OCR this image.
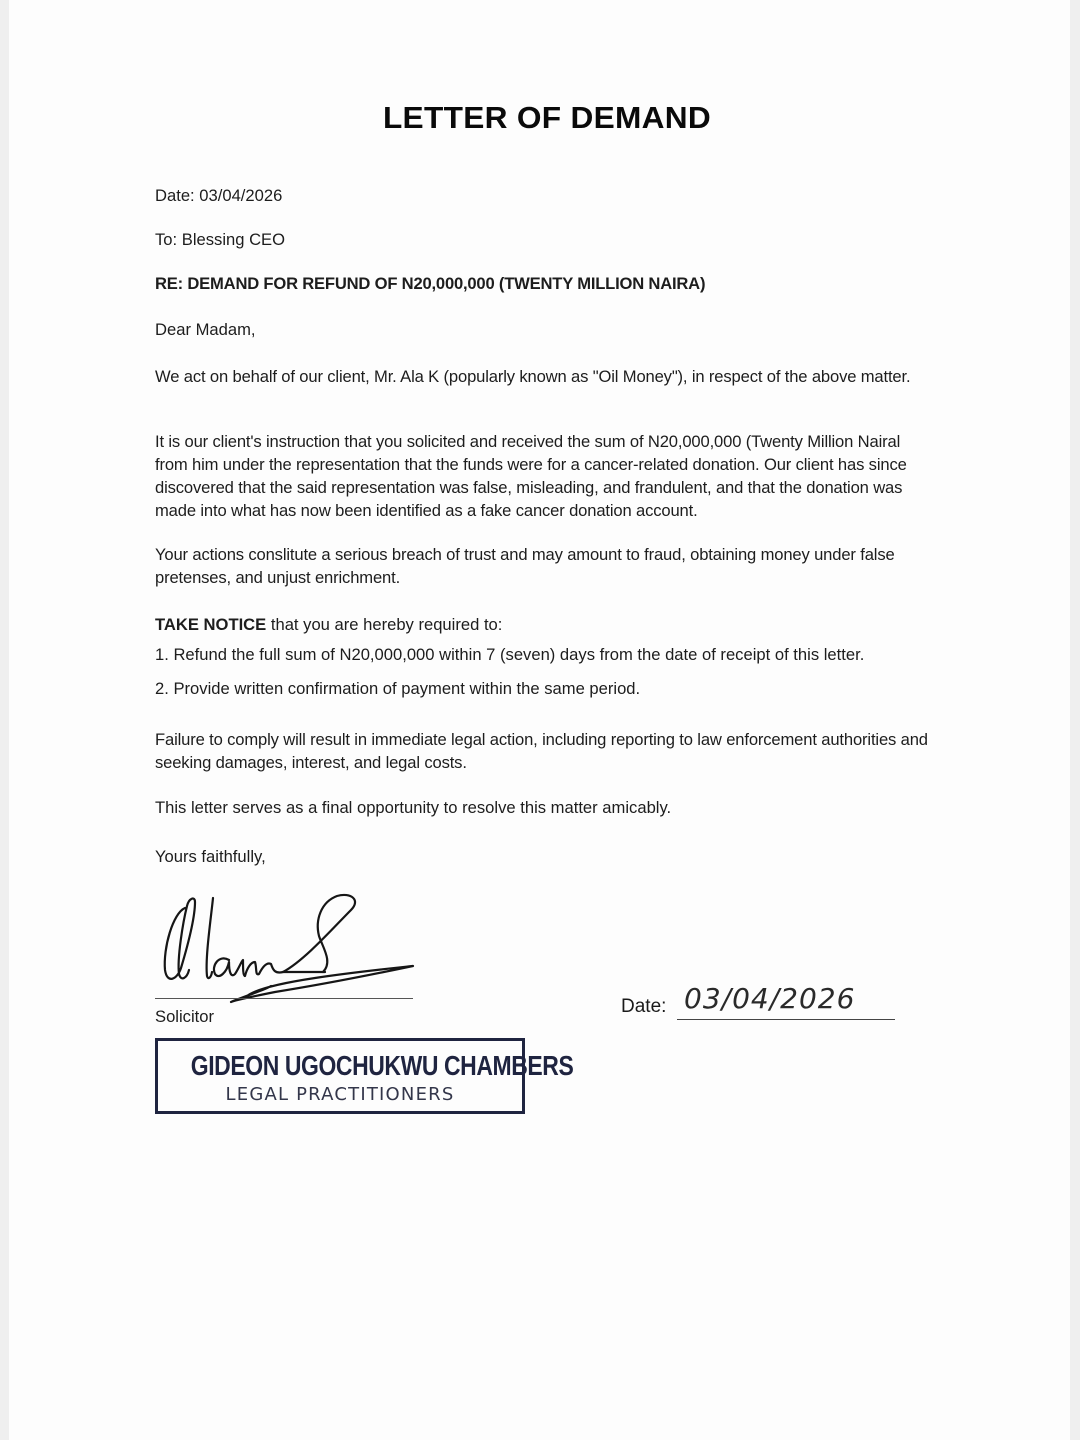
LETTER OF DEMAND
Date: 03/04/2026
To: Blessing CEO
RE: DEMAND FOR REFUND OF N20,000,000 (TWENTY MILLION NAIRA)
Dear Madam,
We act on behalf of our client, Mr. Ala K (popularly known as "Oil Money"), in respect of the above matter.
It is our client's instruction that you solicited and received the sum of N20,000,000 (Twenty Million Nairal from him under the representation that the funds were for a cancer-related donation. Our client has since discovered that the said representation was false, misleading, and frandulent, and that the donation was made into what has now been identified as a fake cancer donation account.
Your actions conslitute a serious breach of trust and may amount to fraud, obtaining money under false pretenses, and unjust enrichment.
TAKE NOTICE that you are hereby required to:
1. Refund the full sum of N20,000,000 within 7 (seven) days from the date of receipt of this letter.
2. Provide written confirmation of payment within the same period.
Failure to comply will result in immediate legal action, including reporting to law enforcement authorities and seeking damages, interest, and legal costs.
This letter serves as a final opportunity to resolve this matter amicably.
Yours faithfully,
Solicitor	Date: 03/04/2026
GIDEON UGOCHUKWU CHAMBERS
LEGAL PRACTITIONERS
